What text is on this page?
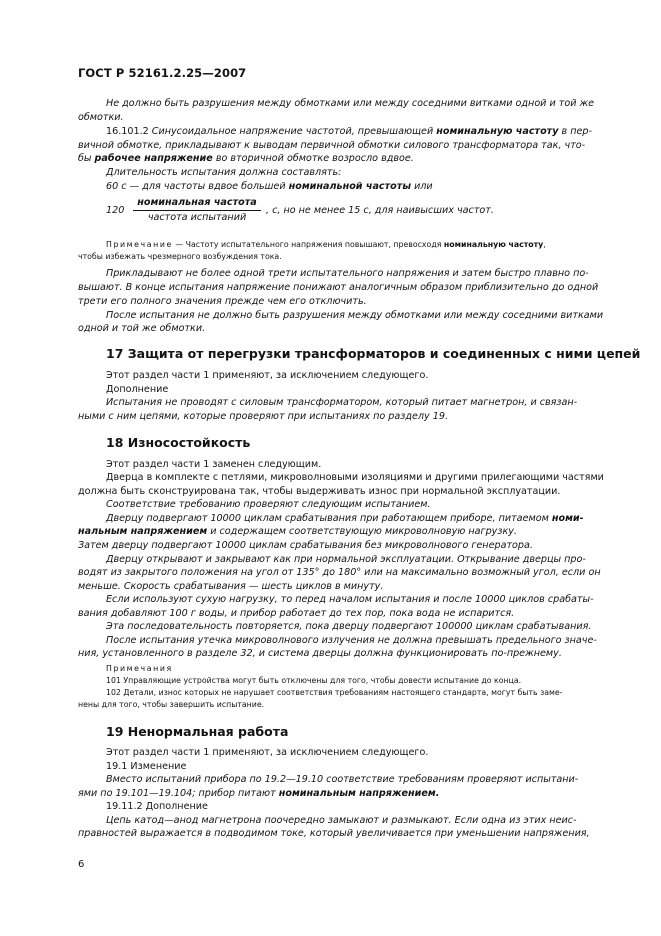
ГОСТ Р 52161.2.25—2007
Не должно быть разрушения между обмотками или между соседними витками одной и той же
обмотки.
16.101.2 Синусоидальное напряжение частотой, превышающей номинальную частоту в пер-
вичной обмотке, прикладывают к выводам первичной обмотки силового трансформатора так, чтo-
бы рабочее напряжение во вторичной обмотке возросло вдвое.
Длительность испытания должна составлять:
60 с — для частоты вдвое большей номинальной частоты или
120
номинальная частота
частота испытаний
, с, но не менее 15 с, для наивысших частот.
Примечание — Частоту испытательного напряжения повышают, превосходя номинальную частоту,
чтобы избежать чрезмерного возбуждения тока.
Прикладывают не более одной трети испытательного напряжения и затем быстро плавно по-
вышают. В конце испытания напряжение понижают аналогичным образом приблизительно до одной
трети его полного значения прежде чем его отключить.
После испытания не должно быть разрушения между обмотками или между соседними витками
одной и той же обмотки.
17 Защита от перегрузки трансформаторов и соединенных с ними цепей
Этот раздел части 1 применяют, за исключением следующего.
Дополнение
Испытания не проводят с силовым трансформатором, который питает магнетрон, и связан-
ными с ним цепями, которые проверяют при испытаниях по разделу 19.
18 Износостойкость
Этот раздел части 1 заменен следующим.
Дверца в комплекте с петлями, микроволновыми изоляциями и другими прилегающими частями
должна быть сконструирована так, чтобы выдерживать износ при нормальной эксплуатации.
Соответствие требованию проверяют следующим испытанием.
Дверцу подвергают 10000 циклам срабатывания при работающем приборе, питаемом номи-
нальным напряжением и содержащем соответствующую микроволновую нагрузку.
Затем дверцу подвергают 10000 циклам срабатывания без микроволнового генератора.
Дверцу открывают и закрывают как при нормальной эксплуатации. Открывание дверцы про-
водят из закрытого положения на угол от 135° до 180° или на максимально возможный угол, если он
меньше. Скорость срабатывания — шесть циклов в минуту.
Если используют сухую нагрузку, то перед началом испытания и после 10000 циклов срабаты-
вания добавляют 100 г воды, и прибор работает до тех пор, пока вода не испарится.
Эта последовательность повторяется, пока дверцу подвергают 100000 циклам срабатывания.
После испытания утечка микроволнового излучения не должна превышать предельного значе-
ния, установленного в разделе 32, и система дверцы должна функционировать по-прежнему.
Примечания
101 Управляющие устройства могут быть отключены для того, чтобы довести испытание до конца.
102 Детали, износ которых не нарушает соответствия требованиям настоящего стандарта, могут быть заме-
нены для того, чтобы завершить испытание.
19 Ненормальная работа
Этот раздел части 1 применяют, за исключением следующего.
19.1 Изменение
Вместо испытаний прибора по 19.2—19.10 соответствие требованиям проверяют испытани-
ями по 19.101—19.104; прибор питают номинальным напряжением.
19.11.2 Дополнение
Цепь катод—анод магнетрона поочередно замыкают и размыкают. Если одна из этих неис-
правностей выражается в подводимом токе, который увеличивается при уменьшении напряжения,
6
